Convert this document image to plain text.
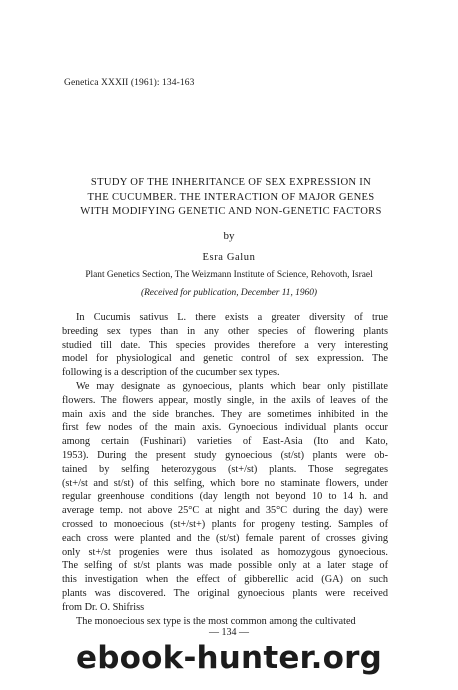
Genetica XXXII (1961): 134-163
STUDY OF THE INHERITANCE OF SEX EXPRESSION IN
THE CUCUMBER. THE INTERACTION OF MAJOR GENES
WITH MODIFYING GENETIC AND NON-GENETIC FACTORS
by
Esra Galun
Plant Genetics Section, The Weizmann Institute of Science, Rehovoth, Israel
(Received for publication, December 11, 1960)
In Cucumis sativus L. there exists a greater diversity of true
breeding sex types than in any other species of flowering plants
studied till date. This species provides therefore a very interesting
model for physiological and genetic control of sex expression. The
following is a description of the cucumber sex types.
We may designate as gynoecious, plants which bear only pistillate
flowers. The flowers appear, mostly single, in the axils of leaves of the
main axis and the side branches. They are sometimes inhibited in the
first few nodes of the main axis. Gynoecious individual plants occur
among certain (Fushinari) varieties of East-Asia (Ito and Kato,
1953). During the present study gynoecious (st/st) plants were ob-
tained by selfing heterozygous (st+/st) plants. Those segregates
(st+/st and st/st) of this selfing, which bore no staminate flowers, under
regular greenhouse conditions (day length not beyond 10 to 14 h. and
average temp. not above 25°C at night and 35°C during the day) were
crossed to monoecious (st+/st+) plants for progeny testing. Samples of
each cross were planted and the (st/st) female parent of crosses giving
only st+/st progenies were thus isolated as homozygous gynoecious.
The selfing of st/st plants was made possible only at a later stage of
this investigation when the effect of gibberellic acid (GA) on such
plants was discovered. The original gynoecious plants were received
from Dr. O. Shifriss
The monoecious sex type is the most common among the cultivated
— 134 —
ebook-hunter.org
